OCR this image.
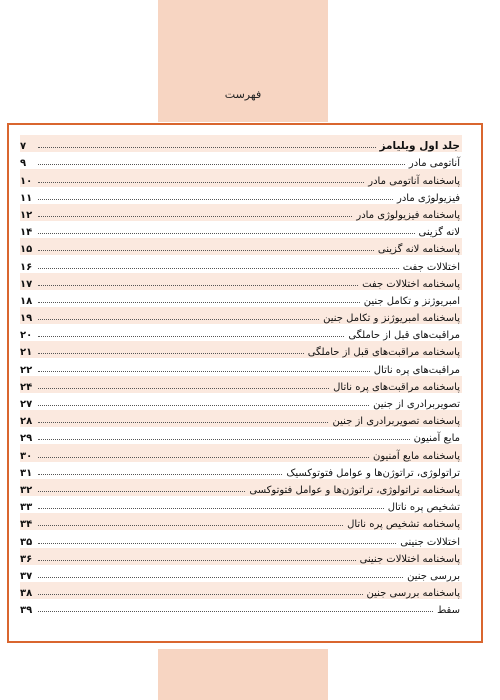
فهرست
جلد اول ویلیامز
۷
آناتومی مادر
۹
پاسخنامه آناتومی مادر
۱۰
فیزیولوژی مادر
۱۱
پاسخنامه فیزیولوژی مادر
۱۲
لانه گزینی
۱۴
پاسخنامه لانه گزینی
۱۵
اختلالات جفت
۱۶
پاسخنامه اختلالات جفت
۱۷
امبریوژنز و تکامل جنین
۱۸
پاسخنامه امبریوژنز و تکامل جنین
۱۹
مراقبت‌های قبل از حاملگی
۲۰
پاسخنامه مراقبت‌های قبل از حاملگی
۲۱
مراقبت‌های پره ناتال
۲۲
پاسخنامه مراقبت‌های پره ناتال
۲۴
تصویربرادری از جنین
۲۷
پاسخنامه تصویربرادری از جنین
۲۸
مایع آمنیون
۲۹
پاسخنامه مایع آمنیون
۳۰
تراتولوژی، تراتوژن‌ها و عوامل فتوتوکسیک
۳۱
پاسخنامه تراتولوژی، تراتوژن‌ها و عوامل فتوتوکسی
۳۲
تشخیص پره ناتال
۳۳
پاسخنامه تشخیص پره ناتال
۳۴
اختلالات جنینی
۳۵
پاسخنامه اختلالات جنینی
۳۶
بررسی جنین
۳۷
پاسخنامه بررسی جنین
۳۸
سقط
۳۹
